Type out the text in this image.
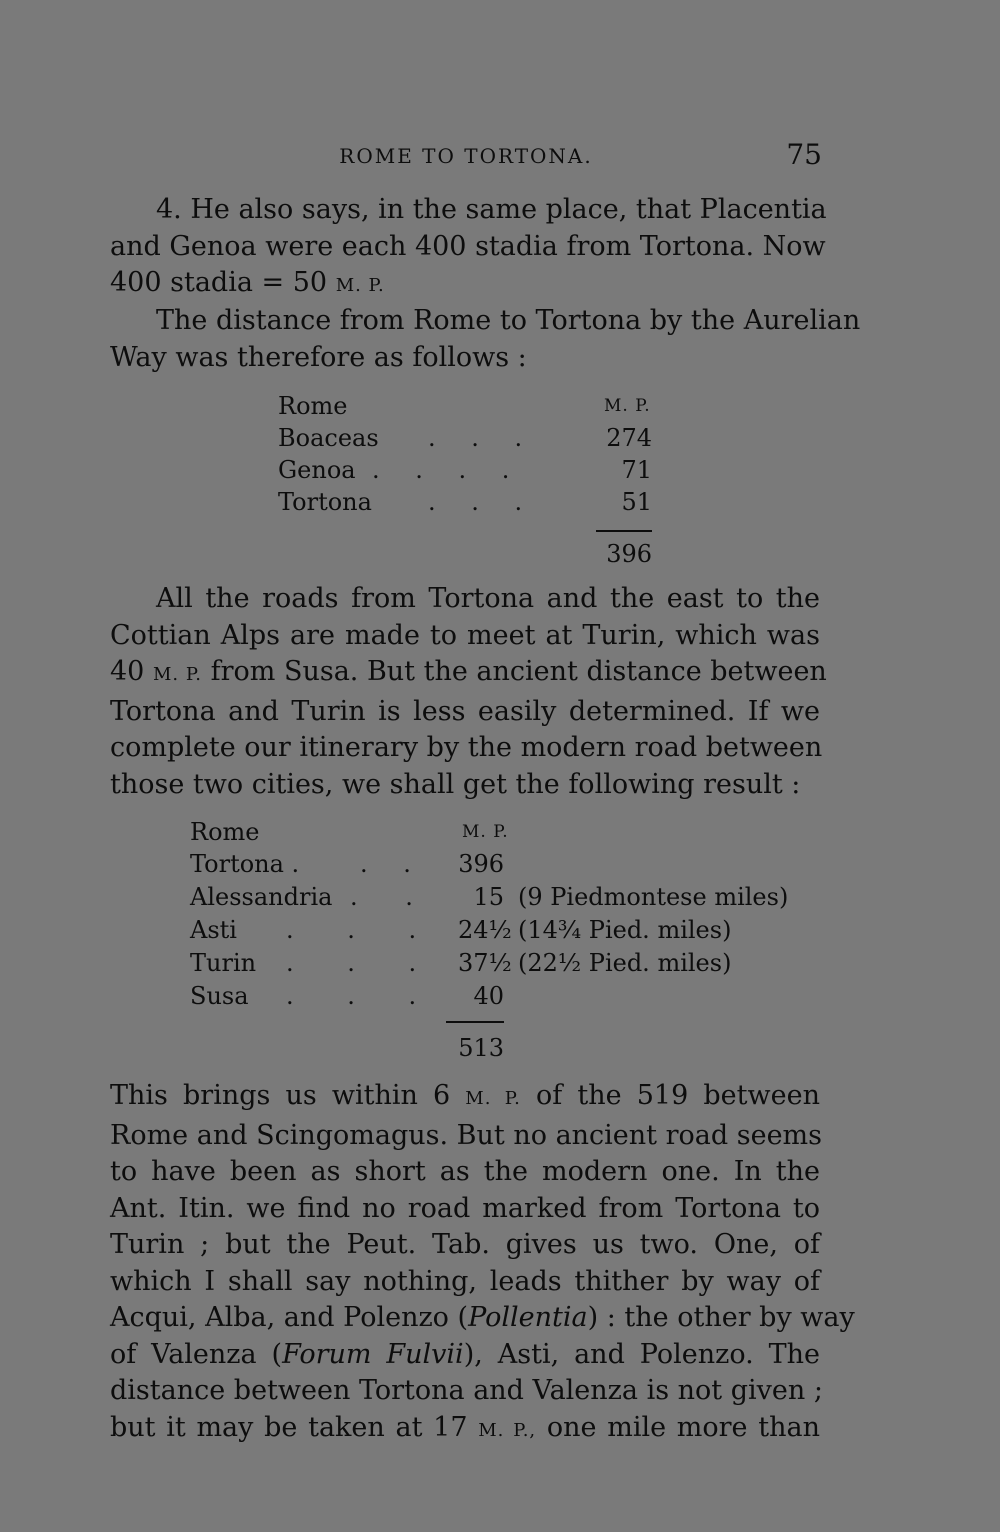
ROME TO TORTONA.	75
4. He also says, in the same place, that Placentia
and Genoa were each 400 stadia from Tortona. Now
400 stadia = 50 M. P.
The distance from Rome to Tortona by the Aurelian
Way was therefore as follows :
Rome	M. P.
Boaceas . . .	274
Genoa . . . .	71
Tortona . . .	51
396
All the roads from Tortona and the east to the
Cottian Alps are made to meet at Turin, which was
40 M. P. from Susa. But the ancient distance between
Tortona and Turin is less easily determined. If we
complete our itinerary by the modern road between
those two cities, we shall get the following result :
Rome	M. P.
Tortona .	. . 396
Alessandria . .	15 (9 Piedmontese miles)
Asti . . . 24½ (14¾ Pied. miles)
Turin . . . 37½ (22½ Pied. miles)
Susa . . .	40
513
This brings us within 6 M. P. of the 519 between
Rome and Scingomagus. But no ancient road seems
to have been as short as the modern one. In the
Ant. Itin. we find no road marked from Tortona to
Turin ; but the Peut. Tab. gives us two. One, of
which I shall say nothing, leads thither by way of
Acqui, Alba, and Polenzo (Pollentia) : the other by way
of Valenza (Forum Fulvii), Asti, and Polenzo. The
distance between Tortona and Valenza is not given ;
but it may be taken at 17 M. P., one mile more than
